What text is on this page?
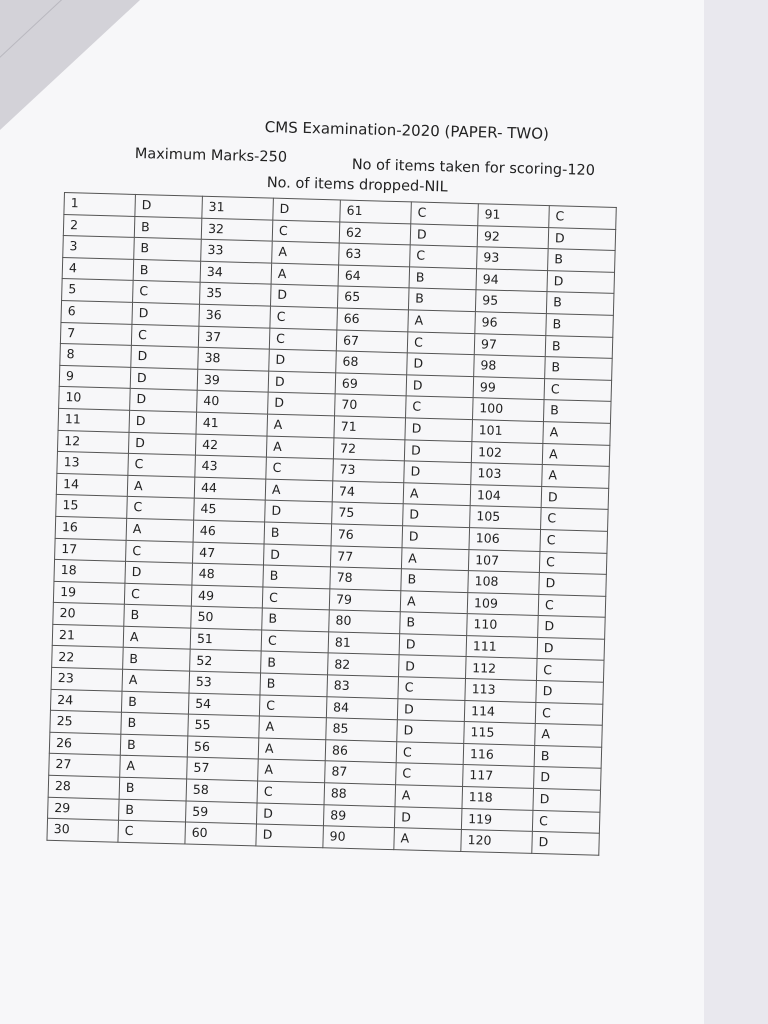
CMS Examination-2020 (PAPER- TWO)
Maximum Marks-250
No of items taken for scoring-120
No. of items dropped-NIL
1	D	31	D	61	C	91	C
2	B	32	C	62	D	92	D
3	B	33	A	63	C	93	B
4	B	34	A	64	B	94	D
5	C	35	D	65	B	95	B
6	D	36	C	66	A	96	B
7	C	37	C	67	C	97	B
8	D	38	D	68	D	98	B
9	D	39	D	69	D	99	C
10	D	40	D	70	C	100	B
11	D	41	A	71	D	101	A
12	D	42	A	72	D	102	A
13	C	43	C	73	D	103	A
14	A	44	A	74	A	104	D
15	C	45	D	75	D	105	C
16	A	46	B	76	D	106	C
17	C	47	D	77	A	107	C
18	D	48	B	78	B	108	D
19	C	49	C	79	A	109	C
20	B	50	B	80	B	110	D
21	A	51	C	81	D	111	D
22	B	52	B	82	D	112	C
23	A	53	B	83	C	113	D
24	B	54	C	84	D	114	C
25	B	55	A	85	D	115	A
26	B	56	A	86	C	116	B
27	A	57	A	87	C	117	D
28	B	58	C	88	A	118	D
29	B	59	D	89	D	119	C
30	C	60	D	90	A	120	D
